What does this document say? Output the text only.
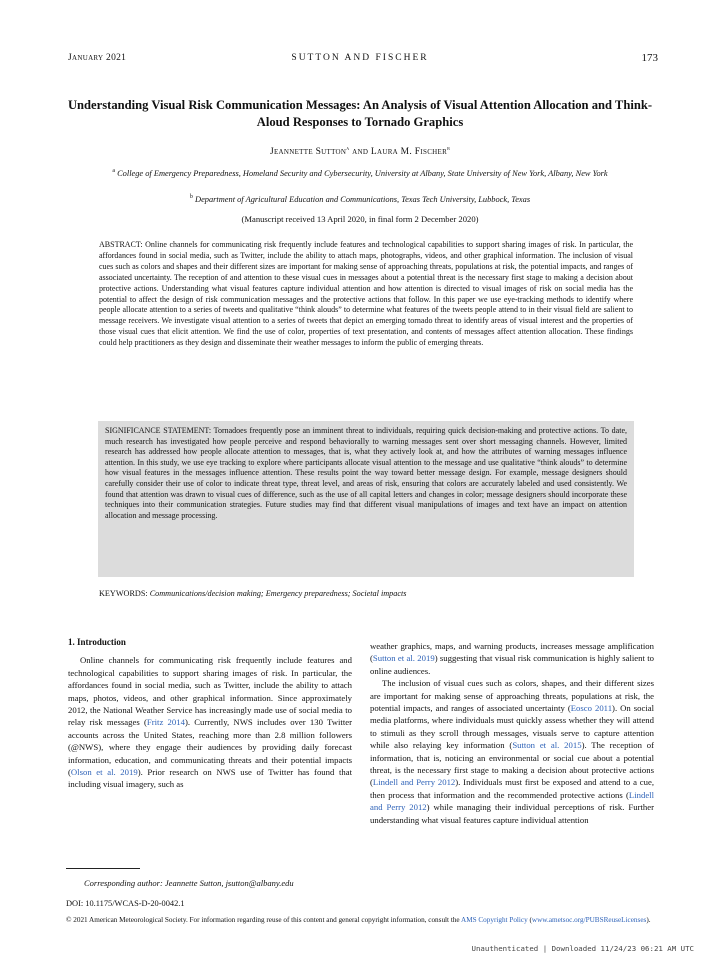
January 2021	SUTTON AND FISCHER	173
Understanding Visual Risk Communication Messages: An Analysis of Visual Attention Allocation and Think-Aloud Responses to Tornado Graphics
Jeannette Sutton$^a$ and Laura M. Fischer$^b$
$^a$ College of Emergency Preparedness, Homeland Security and Cybersecurity, University at Albany, State University of New York, Albany, New York
$^b$ Department of Agricultural Education and Communications, Texas Tech University, Lubbock, Texas
(Manuscript received 13 April 2020, in final form 2 December 2020)
ABSTRACT: Online channels for communicating risk frequently include features and technological capabilities to support sharing images of risk. In particular, the affordances found in social media, such as Twitter, include the ability to attach maps, photographs, videos, and other graphical information. The inclusion of visual cues such as colors and shapes and their different sizes are important for making sense of approaching threats, populations at risk, the potential impacts, and ranges of associated uncertainty. The reception of and attention to these visual cues in messages about a potential threat is the necessary first stage to making a decision about protective actions. Understanding what visual features capture individual attention and how attention is directed to visual images of risk on social media has the potential to affect the design of risk communication messages and the protective actions that follow. In this paper we use eye-tracking methods to identify where people allocate attention to a series of tweets and qualitative “think alouds” to determine what features of the tweets people attend to in their visual field are salient to message receivers. We investigate visual attention to a series of tweets that depict an emerging tornado threat to identify areas of visual interest and the properties of those visual cues that elicit attention. We find the use of color, properties of text presentation, and contents of messages affect attention allocation. These findings could help practitioners as they design and disseminate their weather messages to inform the public of emerging threats.
SIGNIFICANCE STATEMENT: Tornadoes frequently pose an imminent threat to individuals, requiring quick decision-making and protective actions. To date, much research has investigated how people perceive and respond behaviorally to warning messages sent over short messaging channels. However, limited research has addressed how people allocate attention to messages, that is, what they actively look at, and how the attributes of warning messages influence attention. In this study, we use eye tracking to explore where participants allocate visual attention to the message and use qualitative “think alouds” to determine how visual features in the messages influence attention. These results point the way toward better message design. For example, message designers should carefully consider their use of color to indicate threat type, threat level, and areas of risk, ensuring that colors are accurately labeled and used consistently. We found that attention was drawn to visual cues of difference, such as the use of all capital letters and changes in color; message designers should incorporate these techniques into their communication strategies. Future studies may find that different visual manipulations of images and text have an impact on attention allocation and message processing.
KEYWORDS: Communications/decision making; Emergency preparedness; Societal impacts
1. Introduction

Online channels for communicating risk frequently include features and technological capabilities to support sharing images of risk. In particular, the affordances found in social media, such as Twitter, include the ability to attach maps, photos, videos, and other graphical information. Since approximately 2012, the National Weather Service has increasingly made use of social media to relay risk messages (Fritz 2014). Currently, NWS includes over 130 Twitter accounts across the United States, reaching more than 2.8 million followers (@NWS), where they engage their audiences by providing daily forecast information, education, and communicating threats and their potential impacts (Olson et al. 2019). Prior research on NWS use of Twitter has found that including visual imagery, such as

weather graphics, maps, and warning products, increases message amplification (Sutton et al. 2019) suggesting that visual risk communication is highly salient to online audiences.

The inclusion of visual cues such as colors, shapes, and their different sizes are important for making sense of approaching threats, populations at risk, the potential impacts, and ranges of associated uncertainty (Eosco 2011). On social media platforms, where individuals must quickly assess whether they will attend to stimuli as they scroll through messages, visuals serve to capture attention while also relaying key information (Sutton et al. 2015). The reception of information, that is, noticing an environmental or social cue about a potential threat, is the necessary first stage to making a decision about protective actions (Lindell and Perry 2012). Individuals must first be exposed and attend to a cue, then process that information and the recommended protective actions (Lindell and Perry 2012) while managing their individual perceptions of risk. Further understanding what visual features capture individual attention

Corresponding author: Jeannette Sutton, jsutton@albany.edu
DOI: 10.1175/WCAS-D-20-0042.1
© 2021 American Meteorological Society. For information regarding reuse of this content and general copyright information, consult the AMS Copyright Policy (www.ametsoc.org/PUBSReuseLicenses).
Unauthenticated | Downloaded 11/24/23 06:21 AM UTC
